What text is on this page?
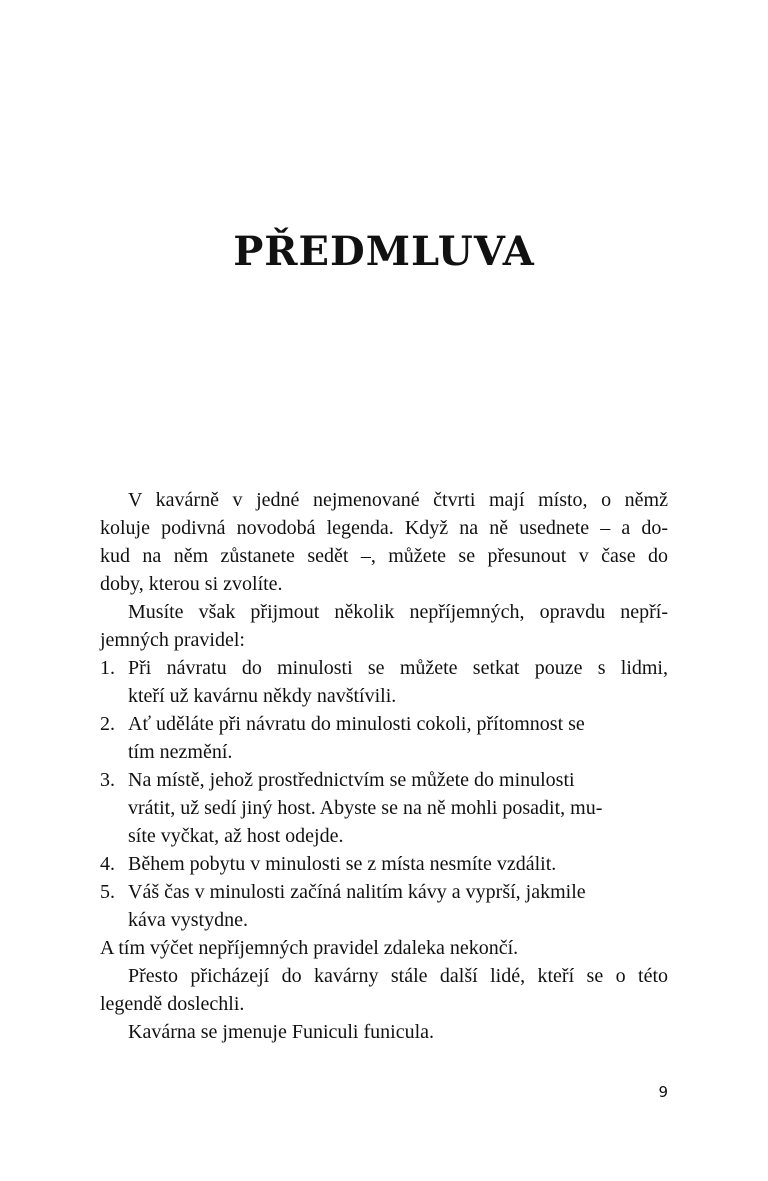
PŘEDMLUVA
V kavárně v jedné nejmenované čtvrti mají místo, o němž
koluje podivná novodobá legenda. Když na ně usednete – a do-
kud na něm zůstanete sedět –, můžete se přesunout v čase do
doby, kterou si zvolíte.
Musíte však přijmout několik nepříjemných, opravdu nepří-
jemných pravidel:
1. Při návratu do minulosti se můžete setkat pouze s lidmi,
kteří už kavárnu někdy navštívili.
2. Ať uděláte při návratu do minulosti cokoli, přítomnost se
tím nezmění.
3. Na místě, jehož prostřednictvím se můžete do minulosti
vrátit, už sedí jiný host. Abyste se na ně mohli posadit, mu-
síte vyčkat, až host odejde.
4. Během pobytu v minulosti se z místa nesmíte vzdálit.
5. Váš čas v minulosti začíná nalitím kávy a vyprší, jakmile
káva vystydne.
A tím výčet nepříjemných pravidel zdaleka nekončí.
Přesto přicházejí do kavárny stále další lidé, kteří se o této
legendě doslechli.
Kavárna se jmenuje Funiculi funicula.
9
